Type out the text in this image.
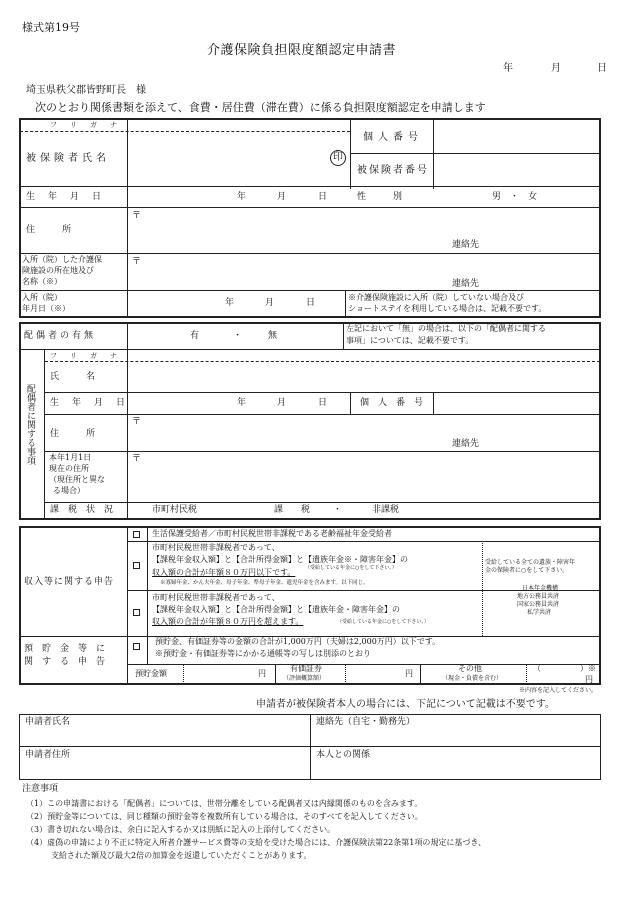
様式第19号
介護保険負担限度額認定申請書
年	月	日
埼玉県秩父郡皆野町長　様
次のとおり関係書類を添えて、食費・居住費（滞在費）に係る負担限度額認定を申請します
フ　リ　ガ　ナ
被保険者氏名	印
個人番号
被保険者番号
生　年　月　日	年	月	日	性　　　別	男　・　女
住　　　所
〒
連絡先
入所（院）した介護保
険施設の所在地及び
名称（※）
〒
連絡先
入所（院）
年月日（※）
年	月	日
※介護保険施設に入所（院）していない場合及び
ショートステイを利用している場合は、記載不要です。
配偶者の有無	有	・	無
左記において「無」の場合は、以下の「配偶者に関する
事項」については、記載不要です。
配偶者に関する事項
フ　リ　ガ　ナ
氏　　　名
生　年　月　日	年	月	日	個　人　番　号
住　　　所
〒
連絡先
本年1月1日
現在の住所
（現住所と異な
る場合）
〒
課　税　状　況	市町村民税	課　　税	・	非課税
収入等に関する申告
生活保護受給者／市町村民税世帯非課税である老齢福祉年金受給者
市町村民税世帯非課税者であって、
【課税年金収入額】と【合計所得金額】と【遺族年金※・障害年金】の
（受給している年金に○をして下さい。）
収入額の合計が年額８０万円以下です。
※寡婦年金、かん夫年金、母子年金、準母子年金、遺児年金を含みます。以下同じ。
市町村民税世帯非課税者であって、
【課税年金収入額】と【合計所得金額】と【遺族年金・障害年金】の
収入額の合計が年額８０万円を超えます。	（受給している年金に○をして下さい。）
受給している全ての遺族・障害年
金の保険者に○をして下さい。
日本年金機構
地方公務員共済
国家公務員共済
私学共済
預　貯　金　等　に
関　す　る　申　告
預貯金、有価証券等の金額の合計が1,000万円（夫婦は2,000万円）以下です。
※預貯金・有価証券等にかかる通帳等の写しは別添のとおり
預貯金額	円
有価証券
（評価概算額）
円
その他
（現金・負債を含む）
（	）※
円
※内容を記入してください。
申請者が被保険者本人の場合には、下記について記載は不要です。
申請者氏名	連絡先（自宅・勤務先）
申請者住所	本人との関係
注意事項
（1）この申請書における「配偶者」については、世帯分離をしている配偶者又は内縁関係のものを含みます。
（2）預貯金等については、同じ種類の預貯金等を複数所有している場合は、そのすべてを記入してください。
（3）書き切れない場合は、余白に記入するか又は別紙に記入の上添付してください。
（4）虚偽の申請により不正に特定入所者介護サービス費等の支給を受けた場合には、介護保険法第22条第1項の規定に基づき、
支給された額及び最大2倍の加算金を返還していただくことがあります。
